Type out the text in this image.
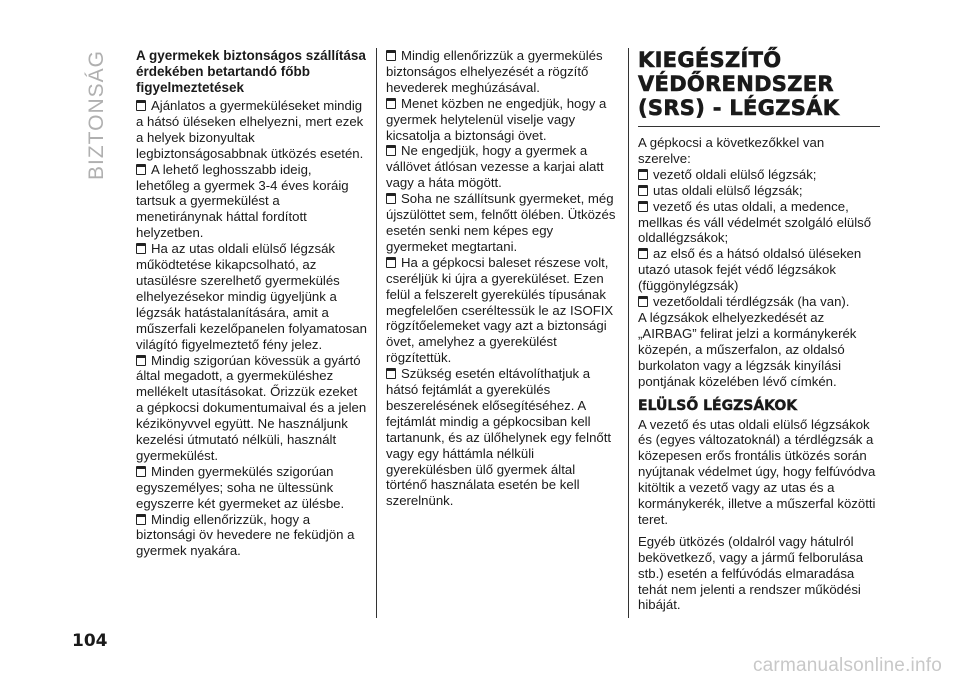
BIZTONSÁG A gyermekek biztonságos szállítása érdekében betartandó főbb figyelmeztetések

Ajánlatos a gyermeküléseket mindig a hátsó üléseken elhelyezni, mert ezek a helyek bizonyultak legbiztonságosabbnak ütközés esetén.

A lehető leghosszabb ideig, lehetőleg a gyermek 3-4 éves koráig tartsuk a gyermekülést a menetiránynak háttal fordított helyzetben.

Ha az utas oldali elülső légzsák működtetése kikapcsolható, az utasülésre szerelhető gyermekülés elhelyezésekor mindig ügyeljünk a légzsák hatástalanítására, amit a műszerfali kezelőpanelen folyamatosan világító figyelmeztető fény jelez.

Mindig szigorúan kövessük a gyártó által megadott, a gyermeküléshez mellékelt utasításokat. Őrizzük ezeket a gépkocsi dokumentumaival és a jelen kézikönyvvel együtt. Ne használjunk kezelési útmutató nélküli, használt gyermekülést.

Minden gyermekülés szigorúan egyszemélyes; soha ne ültessünk egyszerre két gyermeket az ülésbe.

Mindig ellenőrizzük, hogy a biztonsági öv hevedere ne feküdjön a gyermek nyakára.

Mindig ellenőrizzük a gyermekülés biztonságos elhelyezését a rögzítő hevederek meghúzásával.

Menet közben ne engedjük, hogy a gyermek helytelenül viselje vagy kicsatolja a biztonsági övet.

Ne engedjük, hogy a gyermek a vállövet átlósan vezesse a karjai alatt vagy a háta mögött.

Soha ne szállítsunk gyermeket, még újszülöttet sem, felnőtt ölében. Ütközés esetén senki nem képes egy gyermeket megtartani.

Ha a gépkocsi baleset részese volt, cseréljük ki újra a gyereküléset. Ezen felül a felszerelt gyerekülés típusának megfelelően cseréltessük le az ISOFIX rögzítőelemeket vagy azt a biztonsági övet, amelyhez a gyerekülést rögzítettük.

Szükség esetén eltávolíthatjuk a hátsó fejtámlát a gyerekülés beszerelésének elősegítéséhez. A fejtámlát mindig a gépkocsiban kell tartanunk, és az ülőhelynek egy felnőtt vagy egy háttámla nélküli gyerekülésben ülő gyermek által történő használata esetén be kell szerelnünk.

KIEGÉSZÍTŐ VÉDŐRENDSZER (SRS) - LÉGZSÁK

A gépkocsi a következőkkel van szerelve:

vezető oldali elülső légzsák;

utas oldali elülső légzsák;

vezető és utas oldali, a medence, mellkas és váll védelmét szolgáló elülső oldallégzsákok;

az első és a hátsó oldalsó üléseken utazó utasok fejét védő légzsákok (függönylégzsák)

vezetőoldali térdlégzsák (ha van).

A légzsákok elhelyezkedését az „AIRBAG” felirat jelzi a kormánykerék közepén, a műszerfalon, az oldalsó burkolaton vagy a légzsák kinyílási pontjának közelében lévő címkén.

ELÜLSŐ LÉGZSÁKOK

A vezető és utas oldali elülső légzsákok és (egyes változatoknál) a térdlégzsák a közepesen erős frontális ütközés során nyújtanak védelmet úgy, hogy felfúvódva kitöltik a vezető vagy az utas és a kormánykerék, illetve a műszerfal közötti teret.

Egyéb ütközés (oldalról vagy hátulról bekövetkező, vagy a jármű felborulása stb.) esetén a felfúvódás elmaradása tehát nem jelenti a rendszer működési hibáját.

104
carmanualsonline.info
